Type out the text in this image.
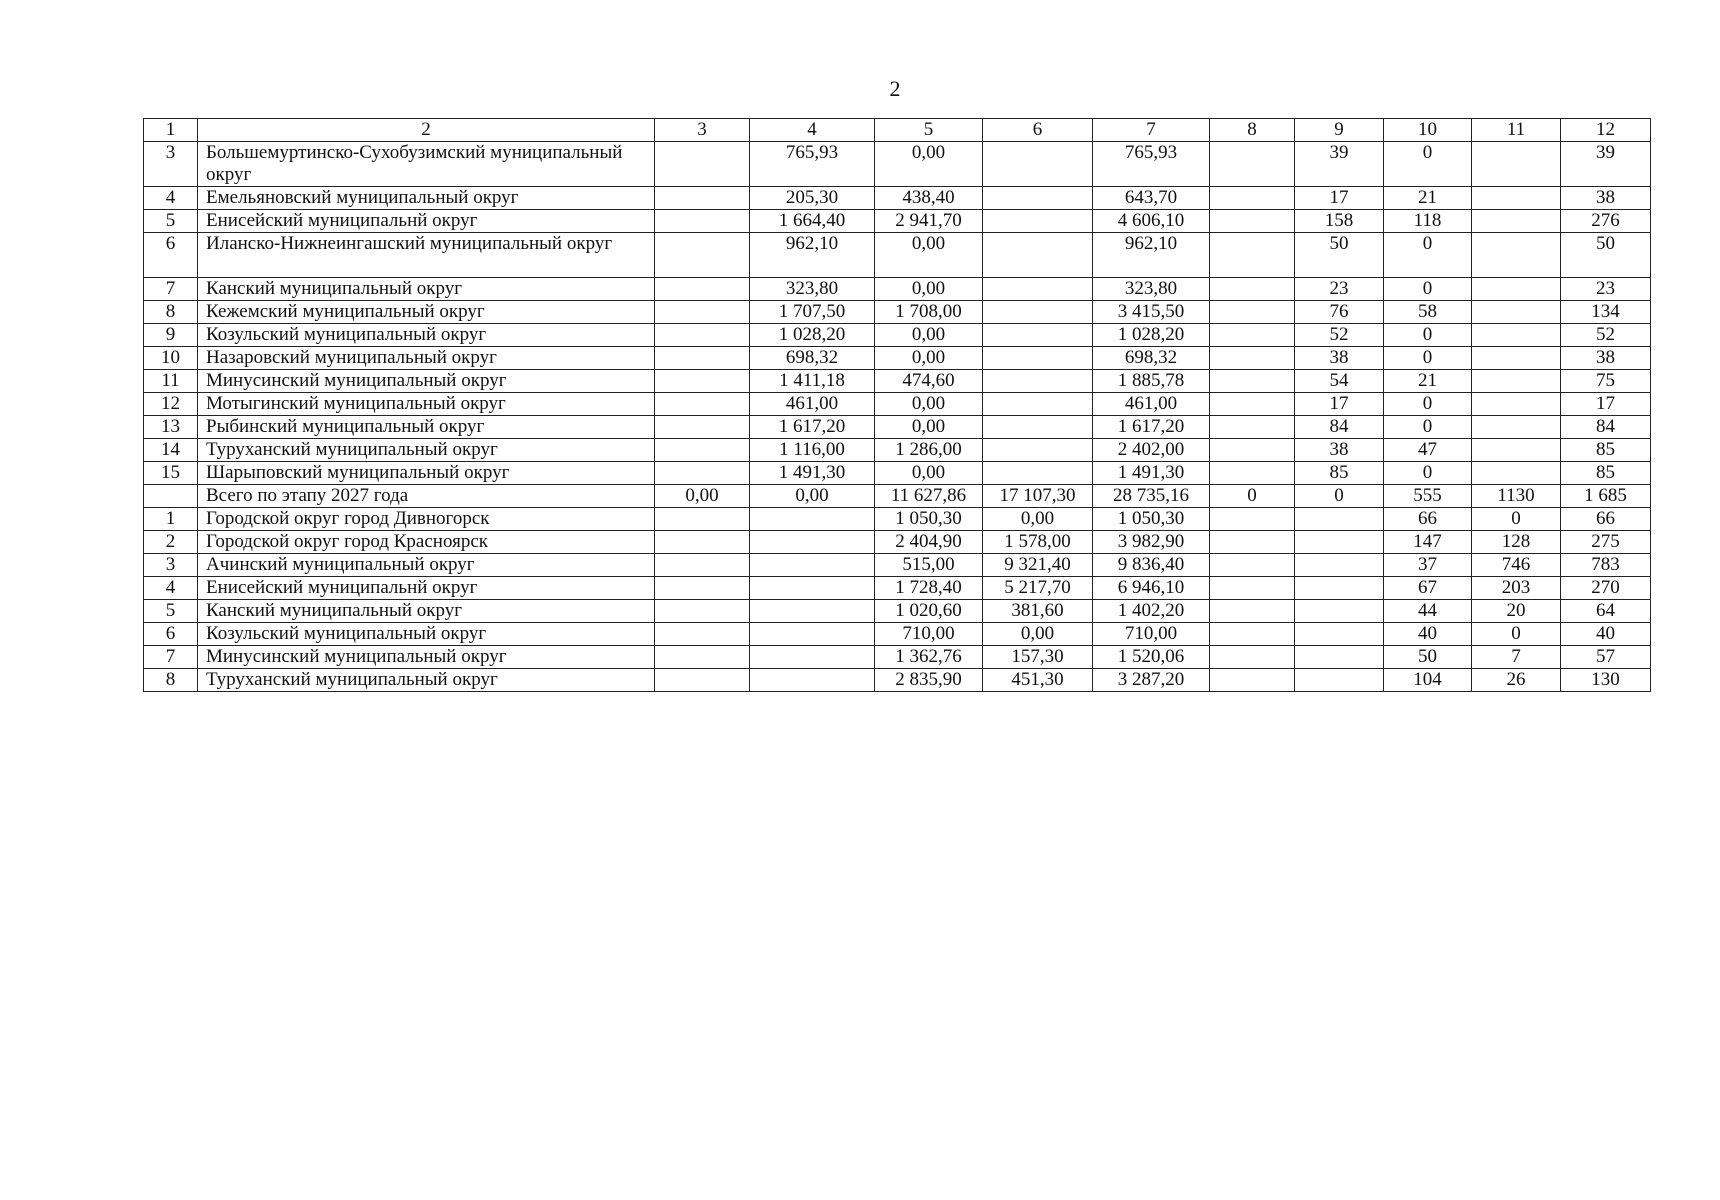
2
1	2	3	4	5	6	7	8	9	10	11	12
3	Большемуртинско-Сухобузимский муниципальный округ		765,93	0,00		765,93		39	0		39
4	Емельяновский муниципальный округ		205,30	438,40		643,70		17	21		38
5	Енисейский муниципальнй округ		1 664,40	2 941,70		4 606,10		158	118		276
6	Иланско-Нижнеингашский муниципальный округ		962,10	0,00		962,10		50	0		50
7	Канский муниципальный округ		323,80	0,00		323,80		23	0		23
8	Кежемский муниципальный округ		1 707,50	1 708,00		3 415,50		76	58		134
9	Козульский муниципальный округ		1 028,20	0,00		1 028,20		52	0		52
10	Назаровский муниципальный округ		698,32	0,00		698,32		38	0		38
11	Минусинский муниципальный округ		1 411,18	474,60		1 885,78		54	21		75
12	Мотыгинский муниципальный округ		461,00	0,00		461,00		17	0		17
13	Рыбинский муниципальный округ		1 617,20	0,00		1 617,20		84	0		84
14	Туруханский муниципальный округ		1 116,00	1 286,00		2 402,00		38	47		85
15	Шарыповский муниципальный округ		1 491,30	0,00		1 491,30		85	0		85
	Всего по этапу 2027 года	0,00	0,00	11 627,86	17 107,30	28 735,16	0	0	555	1130	1 685
1	Городской округ город Дивногорск			1 050,30	0,00	1 050,30			66	0	66
2	Городской округ город Красноярск			2 404,90	1 578,00	3 982,90			147	128	275
3	Ачинский муниципальный округ			515,00	9 321,40	9 836,40			37	746	783
4	Енисейский муниципальнй округ			1 728,40	5 217,70	6 946,10			67	203	270
5	Канский муниципальный округ			1 020,60	381,60	1 402,20			44	20	64
6	Козульский муниципальный округ			710,00	0,00	710,00			40	0	40
7	Минусинский муниципальный округ			1 362,76	157,30	1 520,06			50	7	57
8	Туруханский муниципальный округ			2 835,90	451,30	3 287,20			104	26	130
